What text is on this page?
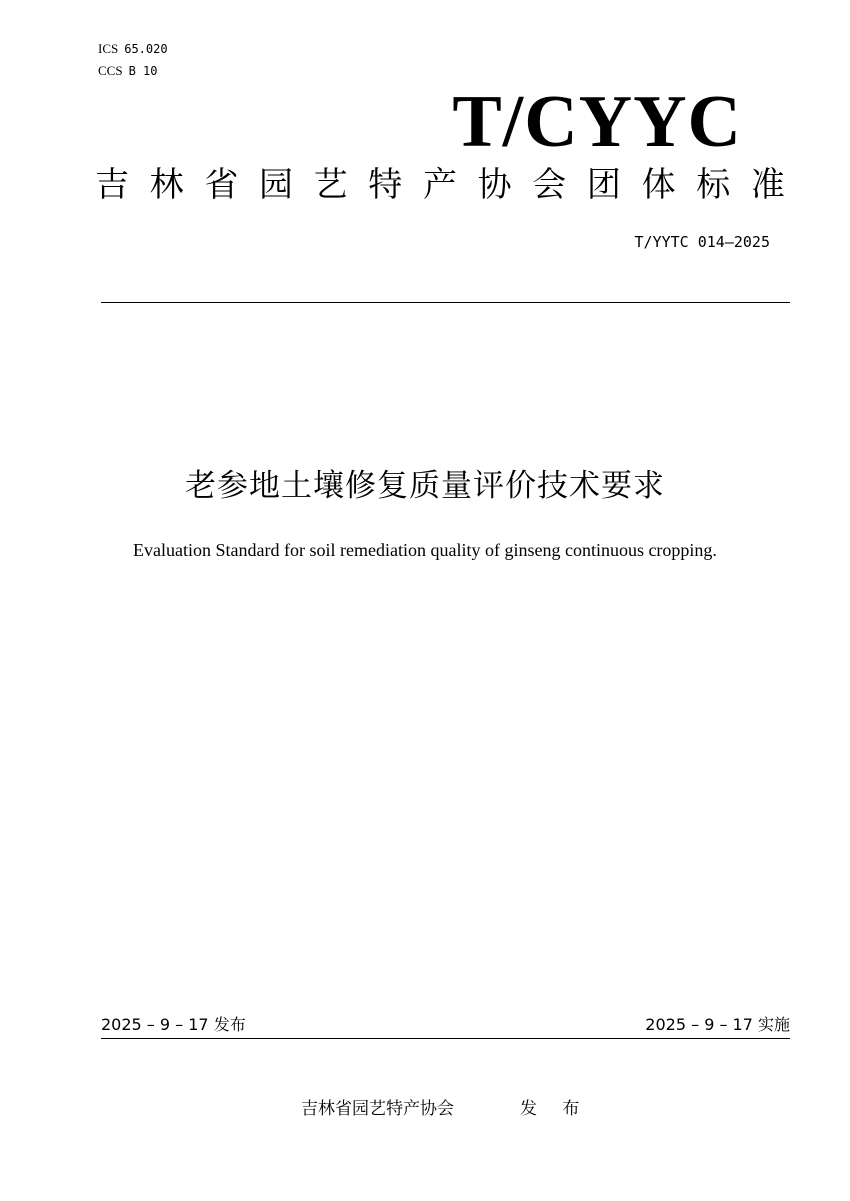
ICS 65.020
CCS B 10
T/CYYC
吉 林 省 园 艺 特 产 协 会 团 体 标 准
T/YYTC 014—2025
老参地土壤修复质量评价技术要求
Evaluation Standard for soil remediation quality of ginseng continuous cropping.
2025 – 9 – 17 发布	2025 – 9 – 17 实施
吉林省园艺特产协会	发 布
